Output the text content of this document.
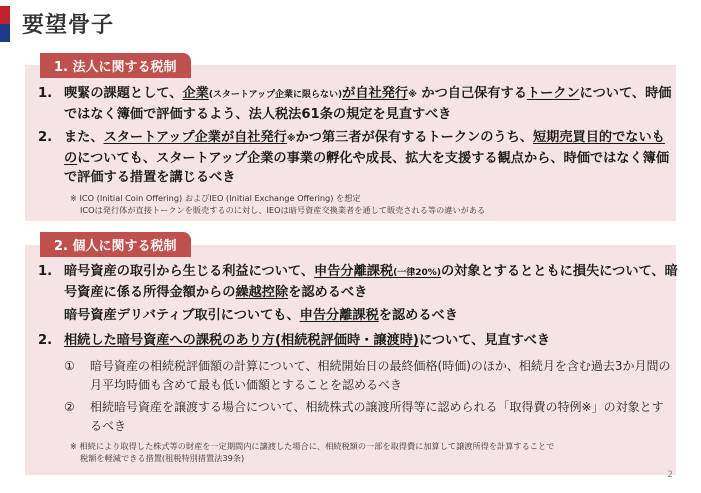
要望骨子
1. 法人に関する税制
1. 喫緊の課題として、企業(スタートアップ企業に限らない)が自社発行※ かつ自己保有するトークンについて、時価ではなく簿価で評価するよう、法人税法61条の規定を見直すべき
2. また、スタートアップ企業が自社発行※かつ第三者が保有するトークンのうち、短期売買目的でないものについても、スタートアップ企業の事業の孵化や成長、拡大を支援する観点から、時価ではなく簿価で評価する措置を講じるべき
※ ICO (Initial Coin Offering) およびIEO (Initial Exchange Offering) を想定
ICOは発行体が直接トークンを販売するのに対し、IEOは暗号資産交換業者を通して販売される等の違いがある
2. 個人に関する税制
1. 暗号資産の取引から生じる利益について、申告分離課税(一律20%)の対象とするとともに損失について、暗号資産に係る所得金額からの繰越控除を認めるべき
暗号資産デリバティブ取引についても、申告分離課税を認めるべき
2. 相続した暗号資産への課税のあり方(相続税評価時・譲渡時)について、見直すべき
① 暗号資産の相続税評価額の計算について、相続開始日の最終価格(時価)のほか、相続月を含む過去3か月間の月平均時価も含めて最も低い価額とすることを認めるべき
② 相続暗号資産を譲渡する場合について、相続株式の譲渡所得等に認められる「取得費の特例※」の対象とするべき
※ 相続により取得した株式等の財産を一定期間内に譲渡した場合に、相続税額の一部を取得費に加算して譲渡所得を計算することで
税額を軽減できる措置(租税特別措置法39条)
2
